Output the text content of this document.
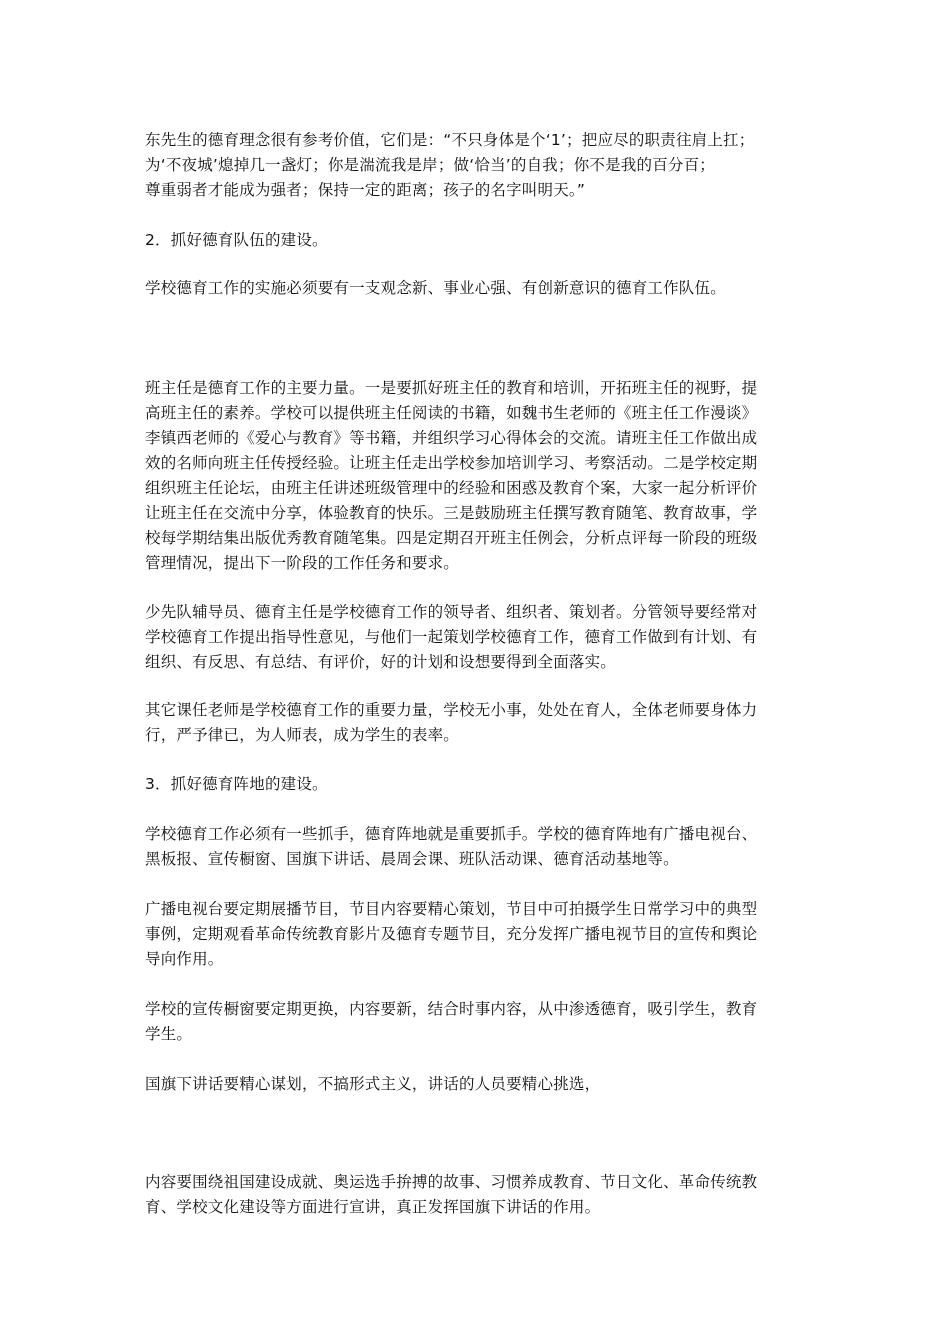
东先生的德育理念很有参考价值，它们是：“不只身体是个‘1’；把应尽的职责往肩上扛；
为‘不夜城’熄掉几一盏灯；你是湍流我是岸；做‘恰当’的自我；你不是我的百分百；
尊重弱者才能成为强者；保持一定的距离；孩子的名字叫明天。”

2．抓好德育队伍的建设。

学校德育工作的实施必须要有一支观念新、事业心强、有创新意识的德育工作队伍。

班主任是德育工作的主要力量。一是要抓好班主任的教育和培训，开拓班主任的视野，提
高班主任的素养。学校可以提供班主任阅读的书籍，如魏书生老师的《班主任工作漫谈》
李镇西老师的《爱心与教育》等书籍，并组织学习心得体会的交流。请班主任工作做出成
效的名师向班主任传授经验。让班主任走出学校参加培训学习、考察活动。二是学校定期
组织班主任论坛，由班主任讲述班级管理中的经验和困惑及教育个案，大家一起分析评价
让班主任在交流中分享，体验教育的快乐。三是鼓励班主任撰写教育随笔、教育故事，学
校每学期结集出版优秀教育随笔集。四是定期召开班主任例会，分析点评每一阶段的班级
管理情况，提出下一阶段的工作任务和要求。

少先队辅导员、德育主任是学校德育工作的领导者、组织者、策划者。分管领导要经常对
学校德育工作提出指导性意见，与他们一起策划学校德育工作，德育工作做到有计划、有
组织、有反思、有总结、有评价，好的计划和设想要得到全面落实。

其它课任老师是学校德育工作的重要力量，学校无小事，处处在育人，全体老师要身体力
行，严予律已，为人师表，成为学生的表率。

3．抓好德育阵地的建设。

学校德育工作必须有一些抓手，德育阵地就是重要抓手。学校的德育阵地有广播电视台、
黑板报、宣传橱窗、国旗下讲话、晨周会课、班队活动课、德育活动基地等。

广播电视台要定期展播节目，节目内容要精心策划，节目中可拍摄学生日常学习中的典型
事例，定期观看革命传统教育影片及德育专题节目，充分发挥广播电视节目的宣传和舆论
导向作用。

学校的宣传橱窗要定期更换，内容要新，结合时事内容，从中渗透德育，吸引学生，教育
学生。

国旗下讲话要精心谋划，不搞形式主义，讲话的人员要精心挑选，

内容要围绕祖国建设成就、奥运选手拚搏的故事、习惯养成教育、节日文化、革命传统教
育、学校文化建设等方面进行宣讲，真正发挥国旗下讲话的作用。
